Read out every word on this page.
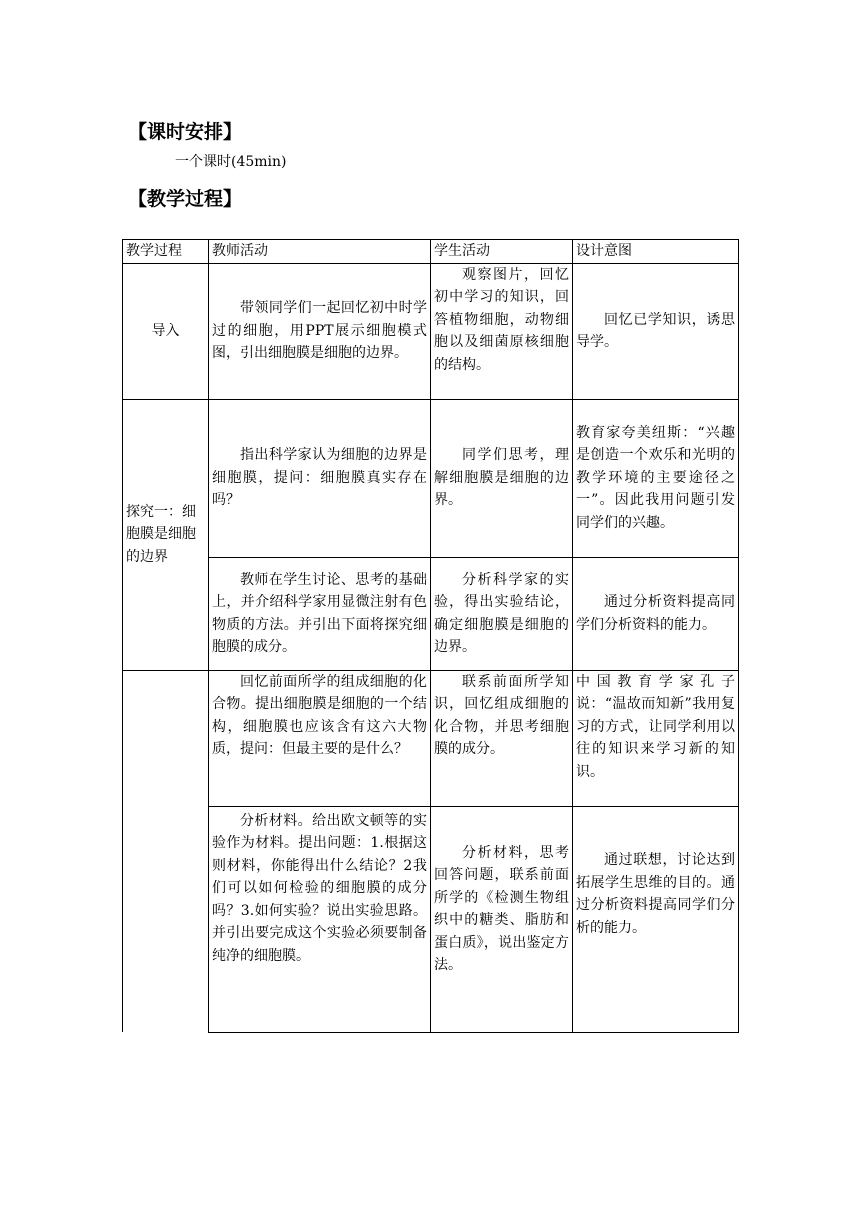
【课时安排】
一个课时(45min)
【教学过程】
教学过程	教师活动	学生活动	设计意图
导入	带领同学们一起回忆初中时学过的细胞，用PPT展示细胞模式图，引出细胞膜是细胞的边界。	观察图片，回忆初中学习的知识，回答植物细胞，动物细胞以及细菌原核细胞的结构。	回忆已学知识，诱思导学。
探究一：细胞膜是细胞的边界	指出科学家认为细胞的边界是细胞膜，提问：细胞膜真实存在吗？	同学们思考，理解细胞膜是细胞的边界。	教育家夸美纽斯：“兴趣是创造一个欢乐和光明的教学环境的主要途径之一”。因此我用问题引发同学们的兴趣。
	教师在学生讨论、思考的基础上，并介绍科学家用显微注射有色物质的方法。并引出下面将探究细胞膜的成分。	分析科学家的实验，得出实验结论，确定细胞膜是细胞的边界。	通过分析资料提高同学们分析资料的能力。
	回忆前面所学的组成细胞的化合物。提出细胞膜是细胞的一个结构，细胞膜也应该含有这六大物质，提问：但最主要的是什么？	联系前面所学知识，回忆组成细胞的化合物，并思考细胞膜的成分。	中国教育学家孔子说：“温故而知新”我用复习的方式，让同学利用以往的知识来学习新的知识。
	分析材料。给出欧文顿等的实验作为材料。提出问题：1.根据这则材料，你能得出什么结论？2我们可以如何检验的细胞膜的成分吗？3.如何实验？说出实验思路。并引出要完成这个实验必须要制备纯净的细胞膜。	分析材料，思考回答问题，联系前面所学的《检测生物组织中的糖类、脂肪和蛋白质》，说出鉴定方法。	通过联想，讨论达到拓展学生思维的目的。通过分析资料提高同学们分析的能力。
